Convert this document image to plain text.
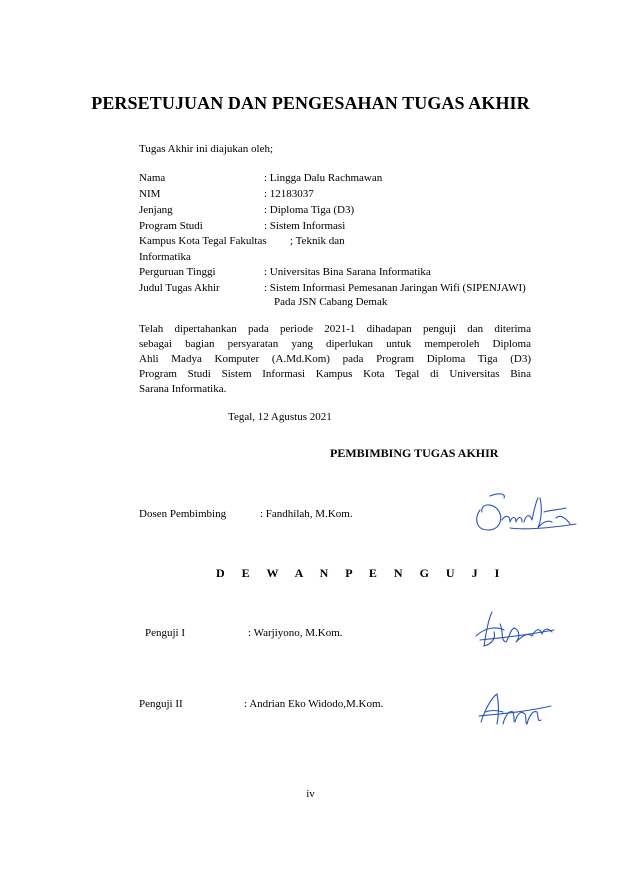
PERSETUJUAN DAN PENGESAHAN TUGAS AKHIR
Tugas Akhir ini diajukan oleh;
Nama	: Lingga Dalu Rachmawan
NIM	: 12183037
Jenjang	: Diploma Tiga (D3)
Program Studi	: Sistem Informasi
Kampus Kota Tegal Fakultas ; Teknik dan
Informatika
Perguruan Tinggi	: Universitas Bina Sarana Informatika
Judul Tugas Akhir	: Sistem Informasi Pemesanan Jaringan Wifi (SIPENJAWI)
Pada JSN Cabang Demak
Telah dipertahankan pada periode 2021-1 dihadapan penguji dan diterima
sebagai bagian persyaratan yang diperlukan untuk memperoleh Diploma
Ahli Madya Komputer (A.Md.Kom) pada Program Diploma Tiga (D3)
Program Studi Sistem Informasi Kampus Kota Tegal di Universitas Bina
Sarana Informatika.
Tegal, 12 Agustus 2021
PEMBIMBING TUGAS AKHIR
Dosen Pembimbing	: Fandhilah, M.Kom.
D E W A N P E N G U J I
Penguji I	: Warjiyono, M.Kom.
Penguji II	: Andrian Eko Widodo,M.Kom.
iv
